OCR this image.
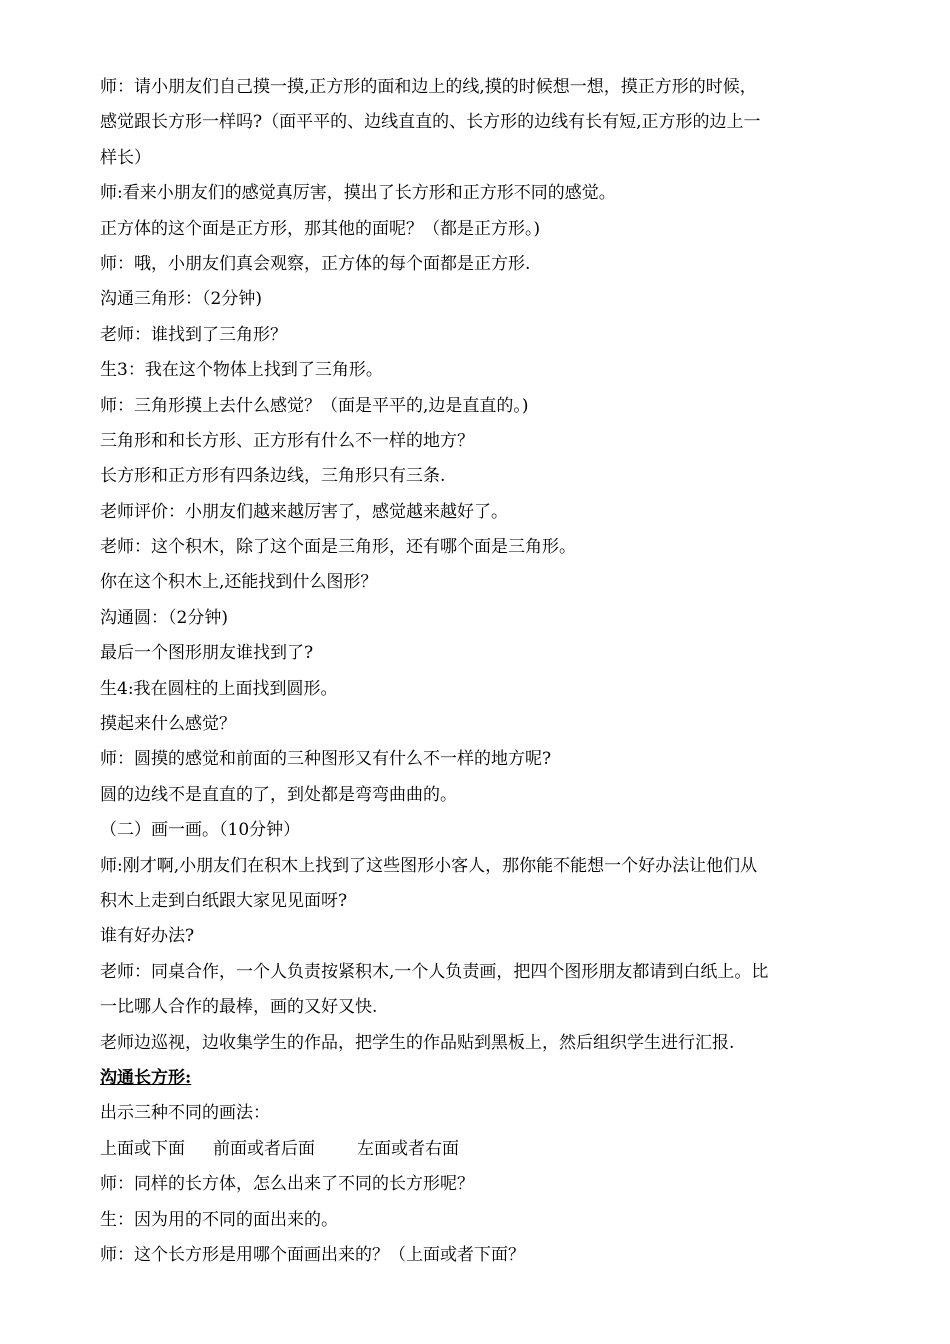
师：请小朋友们自己摸一摸,正方形的面和边上的线,摸的时候想一想，摸正方形的时候，
感觉跟长方形一样吗?（面平平的、边线直直的、长方形的边线有长有短,正方形的边上一
样长）
师:看来小朋友们的感觉真厉害，摸出了长方形和正方形不同的感觉。
正方体的这个面是正方形，那其他的面呢？（都是正方形。)
师：哦，小朋友们真会观察，正方体的每个面都是正方形.
沟通三角形：（2分钟)
老师：谁找到了三角形？
生3：我在这个物体上找到了三角形。
师：三角形摸上去什么感觉？（面是平平的,边是直直的。)
三角形和和长方形、正方形有什么不一样的地方？
长方形和正方形有四条边线，三角形只有三条.
老师评价：小朋友们越来越厉害了，感觉越来越好了。
老师：这个积木，除了这个面是三角形，还有哪个面是三角形。
你在这个积木上,还能找到什么图形？
沟通圆：（2分钟)
最后一个图形朋友谁找到了?
生4:我在圆柱的上面找到圆形。
摸起来什么感觉？
师：圆摸的感觉和前面的三种图形又有什么不一样的地方呢?
圆的边线不是直直的了，到处都是弯弯曲曲的。
（二）画一画。（10分钟）
师:刚才啊,小朋友们在积木上找到了这些图形小客人，那你能不能想一个好办法让他们从
积木上走到白纸跟大家见见面呀?
谁有好办法?
老师：同桌合作，一个人负责按紧积木,一个人负责画，把四个图形朋友都请到白纸上。比
一比哪人合作的最棒，画的又好又快.
老师边巡视，边收集学生的作品，把学生的作品贴到黑板上，然后组织学生进行汇报.
沟通长方形:
出示三种不同的画法：
上面或下面 前面或者后面 左面或者右面
师：同样的长方体，怎么出来了不同的长方形呢？
生：因为用的不同的面出来的。
师：这个长方形是用哪个面画出来的？（上面或者下面？
